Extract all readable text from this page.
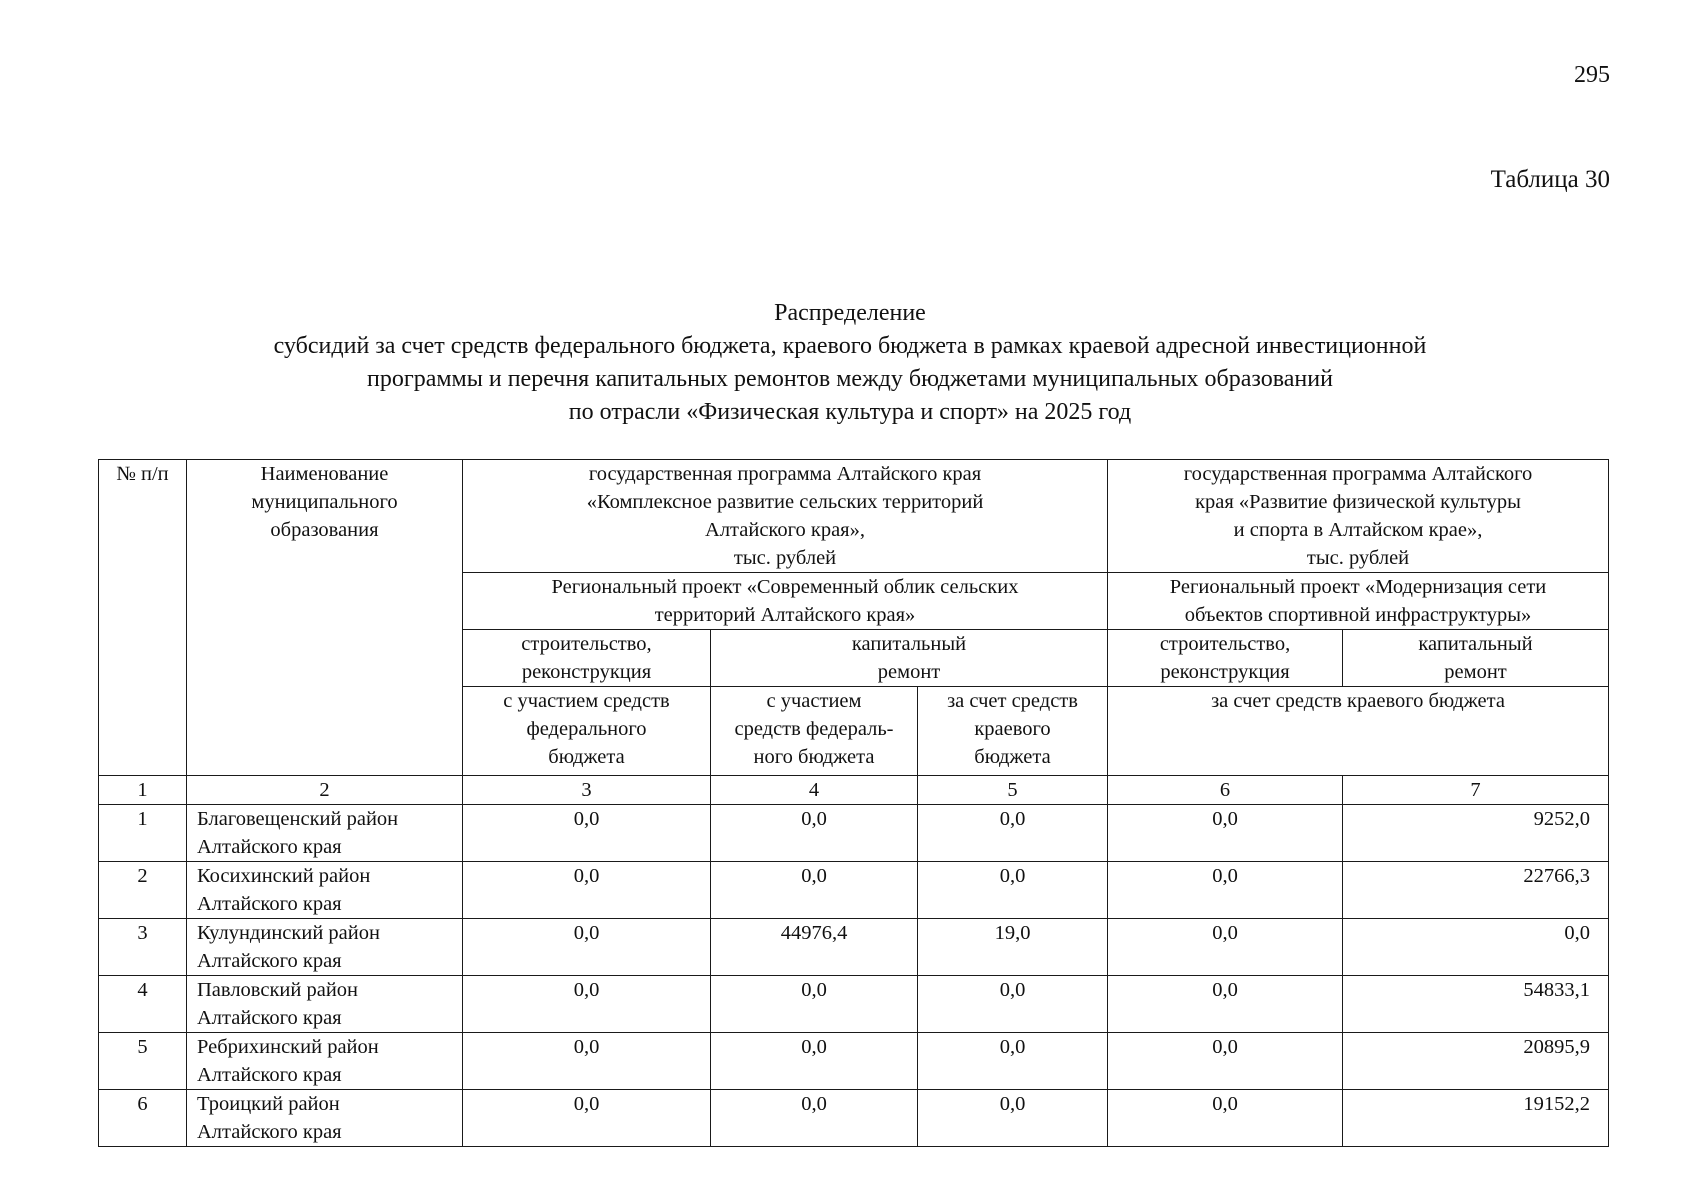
295
Таблица 30
Распределение
субсидий за счет средств федерального бюджета, краевого бюджета в рамках краевой адресной инвестиционной
программы и перечня капитальных ремонтов между бюджетами муниципальных образований
по отрасли «Физическая культура и спорт» на 2025 год
№ п/п	Наименование
муниципального
образования	государственная программа Алтайского края
«Комплексное развитие сельских территорий
Алтайского края»,
тыс. рублей			государственная программа Алтайского
края «Развитие физической культуры
и спорта в Алтайском крае»,
тыс. рублей	
		Региональный проект «Современный облик сельских
территорий Алтайского края»			Региональный проект «Модернизация сети
объектов спортивной инфраструктуры»	
		строительство,
реконструкция	капитальный
ремонт		строительство,
реконструкция	капитальный
ремонт
		с участием средств
федерального
бюджета	с участием
средств федераль-
ного бюджета	за счет средств
краевого
бюджета	за счет средств краевого бюджета	
1	2	3	4	5	6	7
1	Благовещенский район
Алтайского края	0,0	0,0	0,0	0,0	9252,0
2	Косихинский район
Алтайского края	0,0	0,0	0,0	0,0	22766,3
3	Кулундинский район
Алтайского края	0,0	44976,4	19,0	0,0	0,0
4	Павловский район
Алтайского края	0,0	0,0	0,0	0,0	54833,1
5	Ребрихинский район
Алтайского края	0,0	0,0	0,0	0,0	20895,9
6	Троицкий район
Алтайского края	0,0	0,0	0,0	0,0	19152,2
